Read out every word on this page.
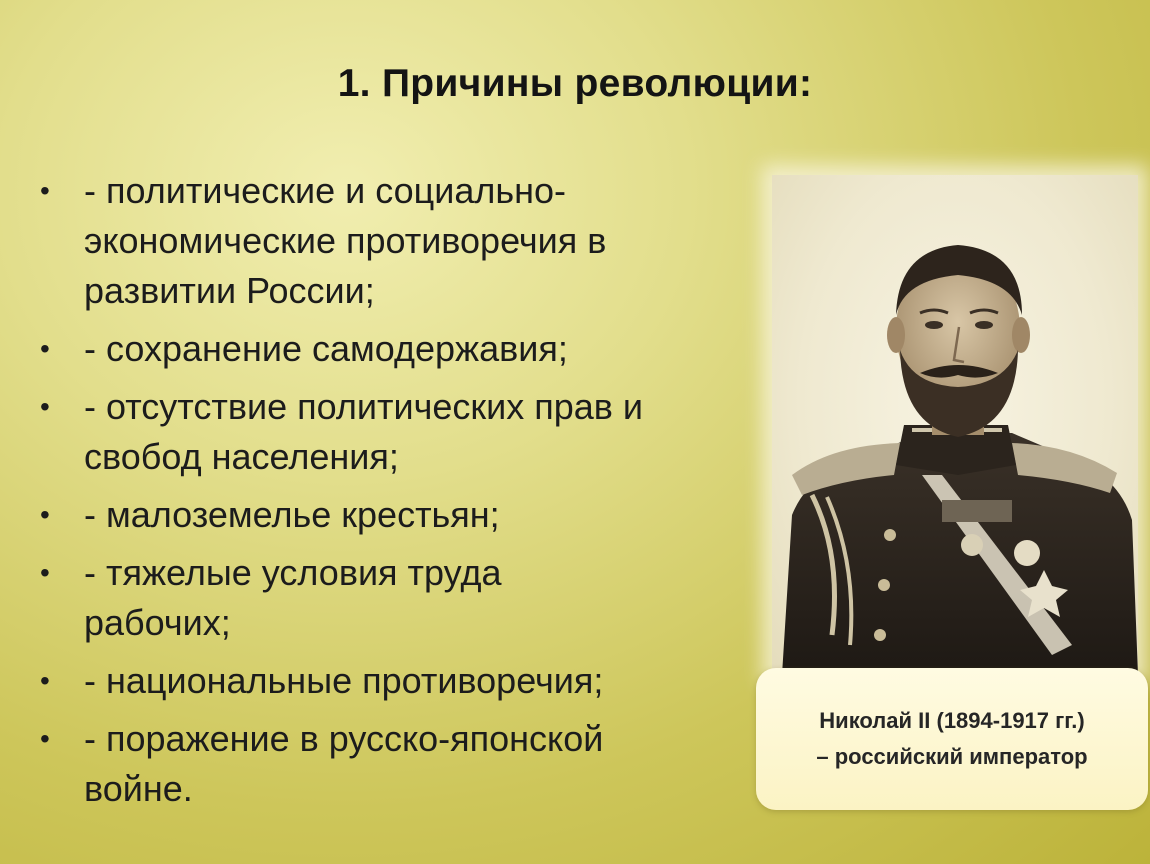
1. Причины революции:
• - политические и социально-
экономические противоречия в
развитии России;
• - сохранение самодержавия;
• - отсутствие политических прав и
свобод населения;
• - малоземелье крестьян;
• - тяжелые условия труда
рабочих;
• - национальные противоречия;
• - поражение в русско-японской
войне.
Николай II (1894-1917 гг.)
– российский император
